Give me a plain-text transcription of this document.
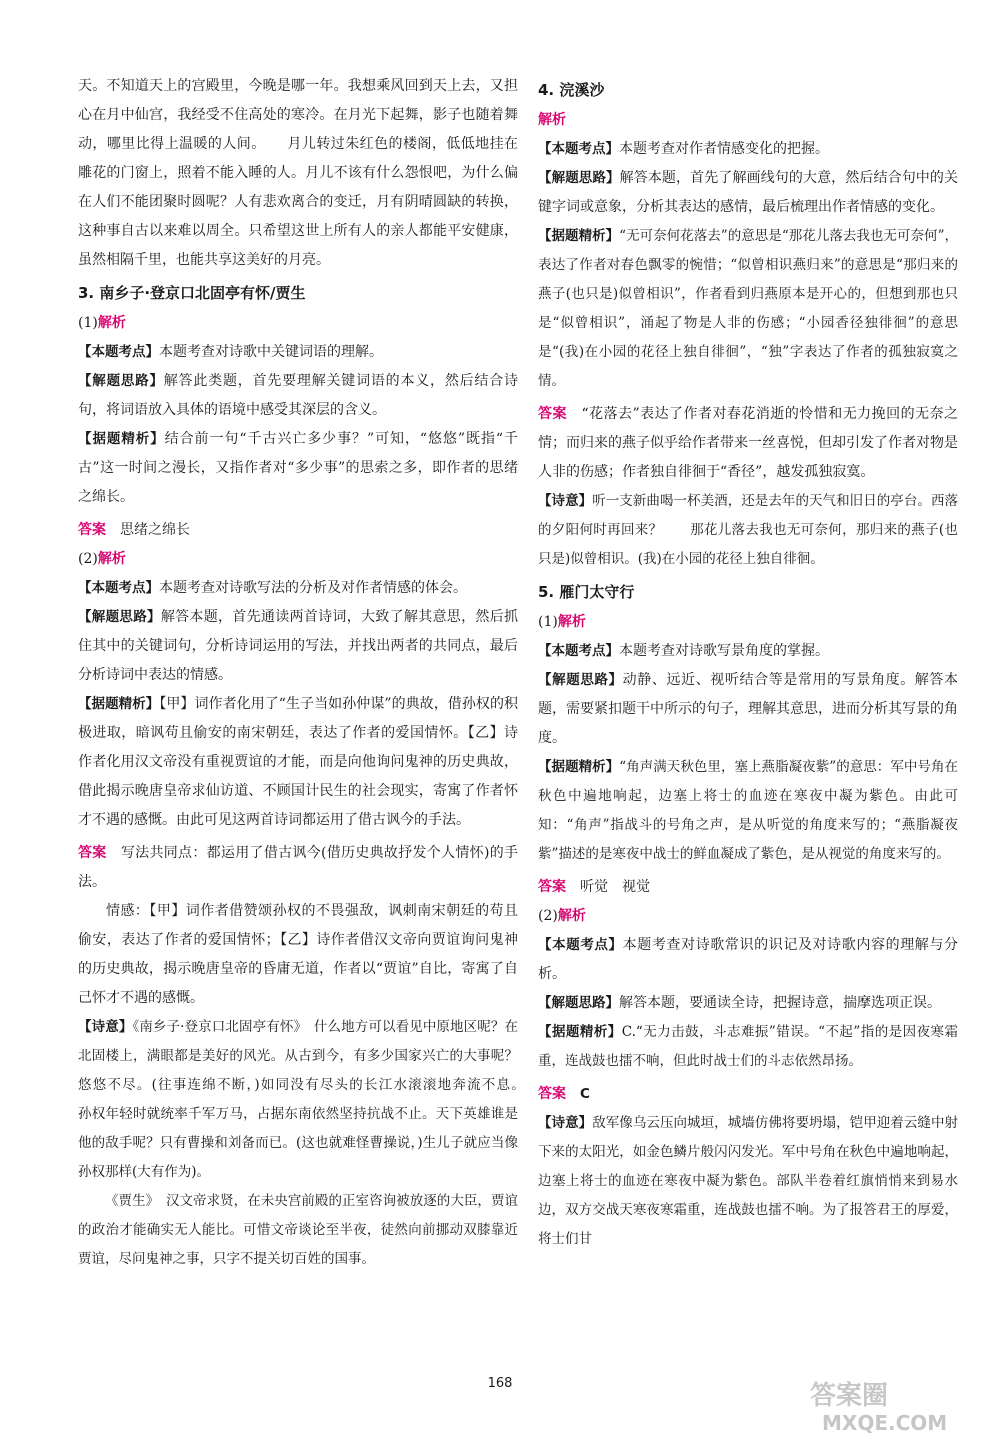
天。不知道天上的宫殿里，今晚是哪一年。我想乘风回到天上去，又担心在月中仙宫，我经受不住高处的寒冷。在月光下起舞，影子也随着舞动，哪里比得上温暖的人间。　　月儿转过朱红色的楼阁，低低地挂在雕花的门窗上，照着不能入睡的人。月儿不该有什么怨恨吧，为什么偏在人们不能团聚时圆呢？人有悲欢离合的变迁，月有阴晴圆缺的转换，这种事自古以来难以周全。只希望这世上所有人的亲人都能平安健康，虽然相隔千里，也能共享这美好的月亮。

3. 南乡子·登京口北固亭有怀/贾生
(1)解析

【本题考点】本题考查对诗歌中关键词语的理解。

【解题思路】解答此类题，首先要理解关键词语的本义，然后结合诗句，将词语放入具体的语境中感受其深层的含义。

【据题精析】结合前一句“千古兴亡多少事？”可知，“悠悠”既指“千古”这一时间之漫长，又指作者对“多少事”的思索之多，即作者的思绪之绵长。

答案　 思绪之绵长

(2)解析

【本题考点】本题考查对诗歌写法的分析及对作者情感的体会。

【解题思路】解答本题，首先通读两首诗词，大致了解其意思，然后抓住其中的关键词句，分析诗词运用的写法，并找出两者的共同点，最后分析诗词中表达的情感。

【据题精析】【甲】词作者化用了“生子当如孙仲谋”的典故，借孙权的积极进取，暗讽苟且偷安的南宋朝廷，表达了作者的爱国情怀。【乙】诗作者化用汉文帝没有重视贾谊的才能，而是向他询问鬼神的历史典故，借此揭示晚唐皇帝求仙访道、不顾国计民生的社会现实，寄寓了作者怀才不遇的感慨。由此可见这两首诗词都运用了借古讽今的手法。

答案　 写法共同点：都运用了借古讽今(借历史典故抒发个人情怀)的手法。

情感：【甲】词作者借赞颂孙权的不畏强敌，讽刺南宋朝廷的苟且偷安，表达了作者的爱国情怀；【乙】诗作者借汉文帝向贾谊询问鬼神的历史典故，揭示晚唐皇帝的昏庸无道，作者以“贾谊”自比，寄寓了自己怀才不遇的感慨。

【诗意】《南乡子·登京口北固亭有怀》　什么地方可以看见中原地区呢？在北固楼上，满眼都是美好的风光。从古到今，有多少国家兴亡的大事呢？悠悠不尽。(往事连绵不断，)如同没有尽头的长江水滚滚地奔流不息。　　孙权年轻时就统率千军万马，占据东南依然坚持抗战不止。天下英雄谁是他的敌手呢？只有曹操和刘备而已。(这也就难怪曹操说，)生儿子就应当像孙权那样(大有作为)。

《贾生》　汉文帝求贤，在未央宫前殿的正室咨询被放逐的大臣，贾谊的政治才能确实无人能比。可惜文帝谈论至半夜，徒然向前挪动双膝靠近贾谊，尽问鬼神之事，只字不提关切百姓的国事。

4. 浣溪沙
解析

【本题考点】本题考查对作者情感变化的把握。

【解题思路】解答本题，首先了解画线句的大意，然后结合句中的关键字词或意象，分析其表达的感情，最后梳理出作者情感的变化。

【据题精析】“无可奈何花落去”的意思是“那花儿落去我也无可奈何”，表达了作者对春色飘零的惋惜；“似曾相识燕归来”的意思是“那归来的燕子(也只是)似曾相识”，作者看到归燕原本是开心的，但想到那也只是“似曾相识”，涌起了物是人非的伤感；“小园香径独徘徊”的意思是“(我)在小园的花径上独自徘徊”，“独”字表达了作者的孤独寂寞之情。

答案　 “花落去”表达了作者对春花消逝的怜惜和无力挽回的无奈之情；而归来的燕子似乎给作者带来一丝喜悦，但却引发了作者对物是人非的伤感；作者独自徘徊于“香径”，越发孤独寂寞。

【诗意】听一支新曲喝一杯美酒，还是去年的天气和旧日的亭台。西落的夕阳何时再回来？　　那花儿落去我也无可奈何，那归来的燕子(也只是)似曾相识。(我)在小园的花径上独自徘徊。

5. 雁门太守行
(1)解析

【本题考点】本题考查对诗歌写景角度的掌握。

【解题思路】动静、远近、视听结合等是常用的写景角度。解答本题，需要紧扣题干中所示的句子，理解其意思，进而分析其写景的角度。

【据题精析】“角声满天秋色里，塞上燕脂凝夜紫”的意思：军中号角在秋色中遍地响起，边塞上将士的血迹在寒夜中凝为紫色。由此可知：“角声”指战斗的号角之声，是从听觉的角度来写的；“燕脂凝夜紫”描述的是寒夜中战士的鲜血凝成了紫色，是从视觉的角度来写的。

答案　 听觉　视觉

(2)解析

【本题考点】本题考查对诗歌常识的识记及对诗歌内容的理解与分析。

【解题思路】解答本题，要通读全诗，把握诗意，揣摩选项正误。

【据题精析】C.“无力击鼓，斗志难振”错误。“不起”指的是因夜寒霜重，连战鼓也擂不响，但此时战士们的斗志依然昂扬。

答案　 C

【诗意】敌军像乌云压向城垣，城墙仿佛将要坍塌，铠甲迎着云缝中射下来的太阳光，如金色鳞片般闪闪发光。军中号角在秋色中遍地响起，边塞上将士的血迹在寒夜中凝为紫色。部队半卷着红旗悄悄来到易水边，双方交战天寒夜寒霜重，连战鼓也擂不响。为了报答君王的厚爱，将士们甘

168	答案圈
MXQE.COM
